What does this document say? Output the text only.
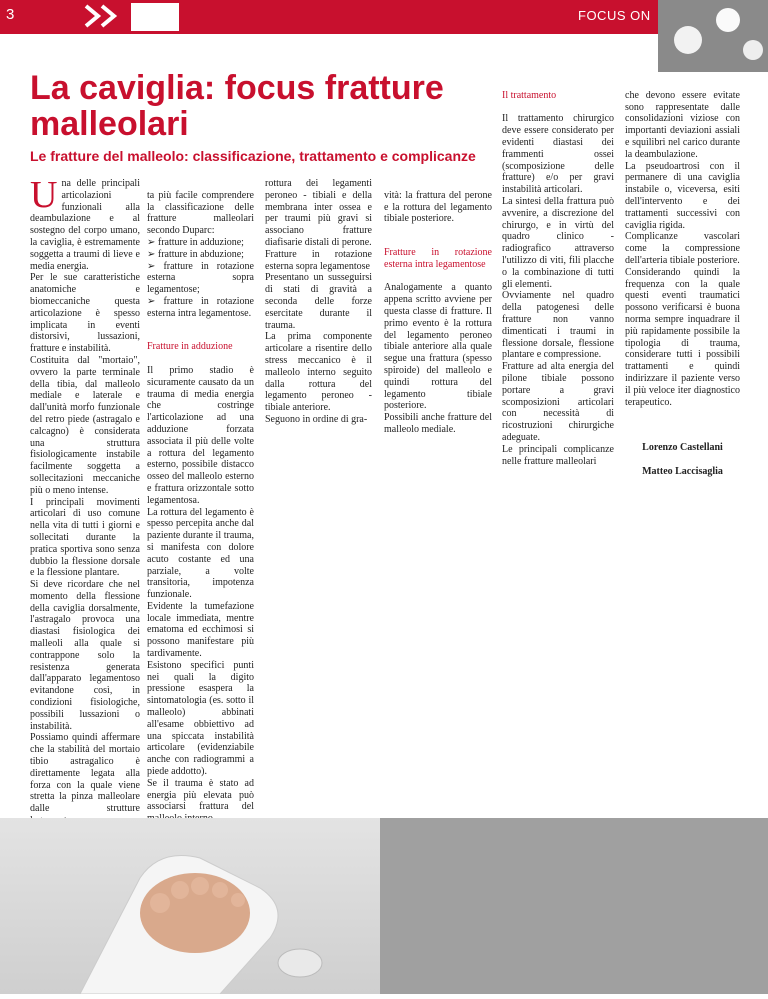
3	FOCUS ON
La caviglia: focus fratture malleolari
Le fratture del malleolo: classificazione, trattamento e complicanze
Una delle principali articolazioni funzionali alla deambulazione e al sostegno del corpo umano, la caviglia, è estremamente soggetta a traumi di lieve e media energia.
Per le sue caratteristiche anatomiche e biomeccaniche questa articolazione è spesso implicata in eventi distorsivi, lussazioni, fratture e instabilità.
Costituita dal "mortaio", ovvero la parte terminale della tibia, dal malleolo mediale e laterale e dall'unità morfo funzionale del retro piede (astragalo e calcagno) è considerata una struttura fisiologicamente instabile facilmente soggetta a sollecitazioni meccaniche più o meno intense.
I principali movimenti articolari di uso comune nella vita di tutti i giorni e sollecitati durante la pratica sportiva sono senza dubbio la flessione dorsale e la flessione plantare.
Si deve ricordare che nel momento della flessione della caviglia dorsalmente, l'astragalo provoca una diastasi fisiologica dei malleoli alla quale si contrappone solo la resistenza generata dall'apparato legamentoso evitandone così, in condizioni fisiologiche, possibili lussazioni o instabilità.
Possiamo quindi affermare che la stabilità del mortaio tibio astragalico è direttamente legata alla forza con la quale viene stretta la pinza malleolare dalle strutture

ta più facile comprendere la classificazione delle fratture malleolari secondo Duparc:
➢ fratture in adduzione;
➢ fratture in abduzione;
➢ fratture in rotazione esterna sopra legamentose;
➢ fratture in rotazione esterna intra legamentose.

Fratture in adduzione

Il primo stadio è sicuramente causato da un trauma di media energia che costringe l'articolazione ad una adduzione forzata associata il più delle volte a rottura del legamento esterno, possibile distacco osseo del malleolo esterno e frattura orizzontale sotto legamentosa.
La rottura del legamento è spesso percepita anche dal paziente durante il trauma, si manifesta con dolore acuto costante ed una parziale, a volte transitoria, impotenza funzionale.
Evidente la tumefazione locale immediata, mentre ematoma ed ecchimosi si possono manifestare più tardivamente.
Esistono specifici punti nei quali la digito pressione esaspera la sintomatologia (es. sotto il malleolo) abbinati all'esame obbiettivo ad una spiccata instabilità articolare (evidenziabile anche con radiogrammi a piede addotto).
Se il trauma è stato ad energia più elevata può associarsi frattura del

rottura dei legamenti peroneo - tibiali e della membrana inter ossea e per traumi più gravi si associano fratture diafisarie distali di perone.
Fratture in rotazione esterna sopra legamentose
Presentano un susseguirsi di stati di gravità a seconda delle forze esercitate durante il trauma.
La prima componente articolare a risentire dello stress meccanico è il malleolo interno seguito dalla rottura del legamento peroneo - tibiale anteriore.
Seguono in ordine di gra-

vità: la frattura del perone e la rottura del legamento tibiale posteriore.

Fratture in rotazione esterna intra legamentose

Analogamente a quanto appena scritto avviene per questa classe di fratture. Il primo evento è la rottura del legamento peroneo tibiale anteriore alla quale segue una frattura (spesso spiroide) del malleolo e quindi rottura del legamento tibiale posteriore.
Possibili anche fratture del malleolo mediale.

Il trattamento

Il trattamento chirurgico deve essere considerato per evidenti diastasi dei frammenti ossei (scomposizione delle fratture) e/o per gravi instabilità articolari.
La sintesi della frattura può avvenire, a discrezione del chirurgo, e in virtù del quadro clinico - radiografico attraverso l'utilizzo di viti, fili placche o la combinazione di tutti gli elementi.
Ovviamente nel quadro della patogenesi delle fratture non vanno dimenticati i traumi in flessione dorsale, flessione plantare e compressione.
Fratture ad alta energia del pilone tibiale possono portare a gravi scomposizioni articolari con necessità di ricostruzioni chirurgiche adeguate.
Le principali complicanze nelle fratture malleolari

che devono essere evitate sono rappresentate dalle consolidazioni viziose con importanti deviazioni assiali e squilibri nel carico durante la deambulazione.
La pseudoartrosi con il permanere di una caviglia instabile o, viceversa, esiti dell'intervento e dei trattamenti successivi con caviglia rigida.
Complicanze vascolari come la compressione dell'arteria tibiale posteriore.
Considerando quindi la frequenza con la quale questi eventi traumatici possono verificarsi è buona norma sempre inquadrare il più rapidamente possibile la tipologia di trauma, considerare tutti i possibili trattamenti e quindi indirizzare il paziente verso il più veloce iter diagnostico terapeutico.

Lorenzo Castellani

Matteo Laccisaglia
